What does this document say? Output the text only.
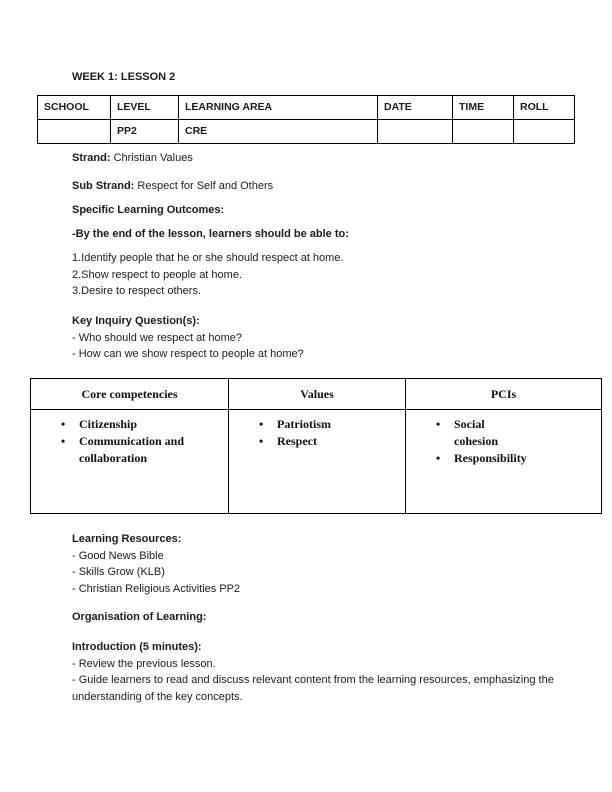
WEEK 1: LESSON 2
SCHOOL	LEVEL	LEARNING AREA	DATE	TIME	ROLL
	PP2	CRE			

Strand: Christian Values

Sub Strand: Respect for Self and Others

Specific Learning Outcomes:

-By the end of the lesson, learners should be able to:

1.Identify people that he or she should respect at home.

2.Show respect to people at home.

3.Desire to respect others.

Key Inquiry Question(s):

- Who should we respect at home?

- How can we show respect to people at home?

Core competencies	Values	PCIs

• Citizenship
• Communication and collaboration

• Patriotism
• Respect

• Social cohesion
• Responsibility

Learning Resources:

- Good News Bible

- Skills Grow (KLB)

- Christian Religious Activities PP2

Organisation of Learning:

Introduction (5 minutes):

- Review the previous lesson.

- Guide learners to read and discuss relevant content from the learning resources, emphasizing the understanding of the key concepts.
